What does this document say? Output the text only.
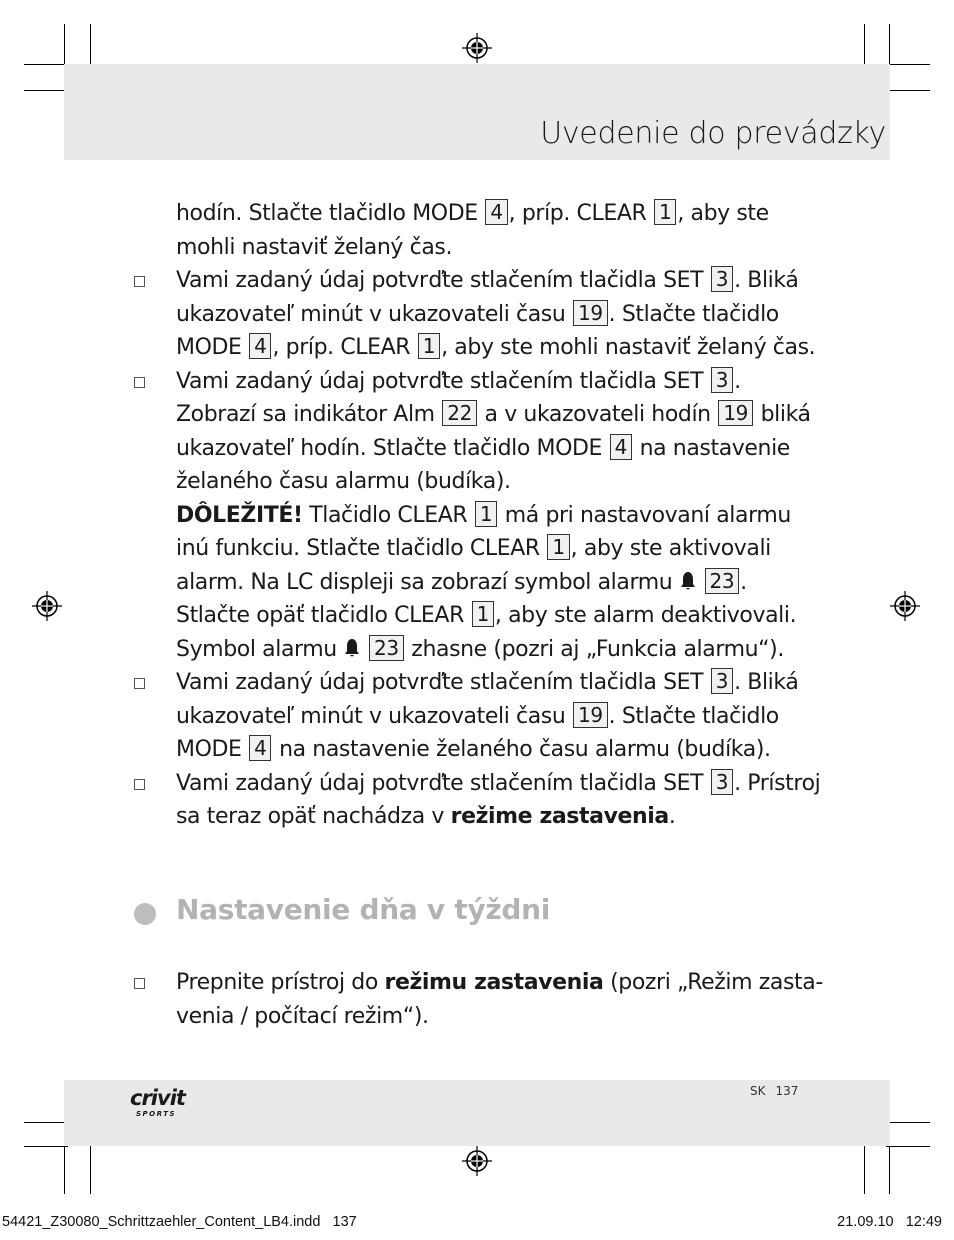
Uvedenie do prevádzky
hodín. Stlačte tlačidlo MODE 4 , príp. CLEAR 1 , aby ste mohli nastaviť želaný čas.
Vami zadaný údaj potvrďte stlačením tlačidla SET 3 . Bliká ukazovateľ minút v ukazovateli času 19 . Stlačte tlačidlo MODE 4 , príp. CLEAR 1 , aby ste mohli nastaviť želaný čas.
Vami zadaný údaj potvrďte stlačením tlačidla SET 3 . Zobrazí sa indikátor Alm 22 a v ukazovateli hodín 19 bliká ukazovateľ hodín. Stlačte tlačidlo MODE 4 na nastavenie želaného času alarmu (budíka).
DÔLEŽITÉ! Tlačidlo CLEAR 1 má pri nastavovaní alarmu inú funkciu. Stlačte tlačidlo CLEAR 1 , aby ste aktivovali alarm. Na LC displeji sa zobrazí symbol alarmu 23 . Stlačte opäť tlačidlo CLEAR 1 , aby ste alarm deaktivovali. Symbol alarmu 23 zhasne (pozri aj „Funkcia alarmu“).
Vami zadaný údaj potvrďte stlačením tlačidla SET 3 . Bliká ukazovateľ minút v ukazovateli času 19 . Stlačte tlačidlo MODE 4 na nastavenie želaného času alarmu (budíka).
Vami zadaný údaj potvrďte stlačením tlačidla SET 3 . Prístroj sa teraz opäť nachádza v režime zastavenia.
Nastavenie dňa v týždni
Prepnite prístroj do režimu zastavenia (pozri „Režim zasta-venia / počítací režim“).
crivit
SPORTS
SK 137
54421_Z30080_Schrittzaehler_Content_LB4.indd   137	21.09.10   12:49
